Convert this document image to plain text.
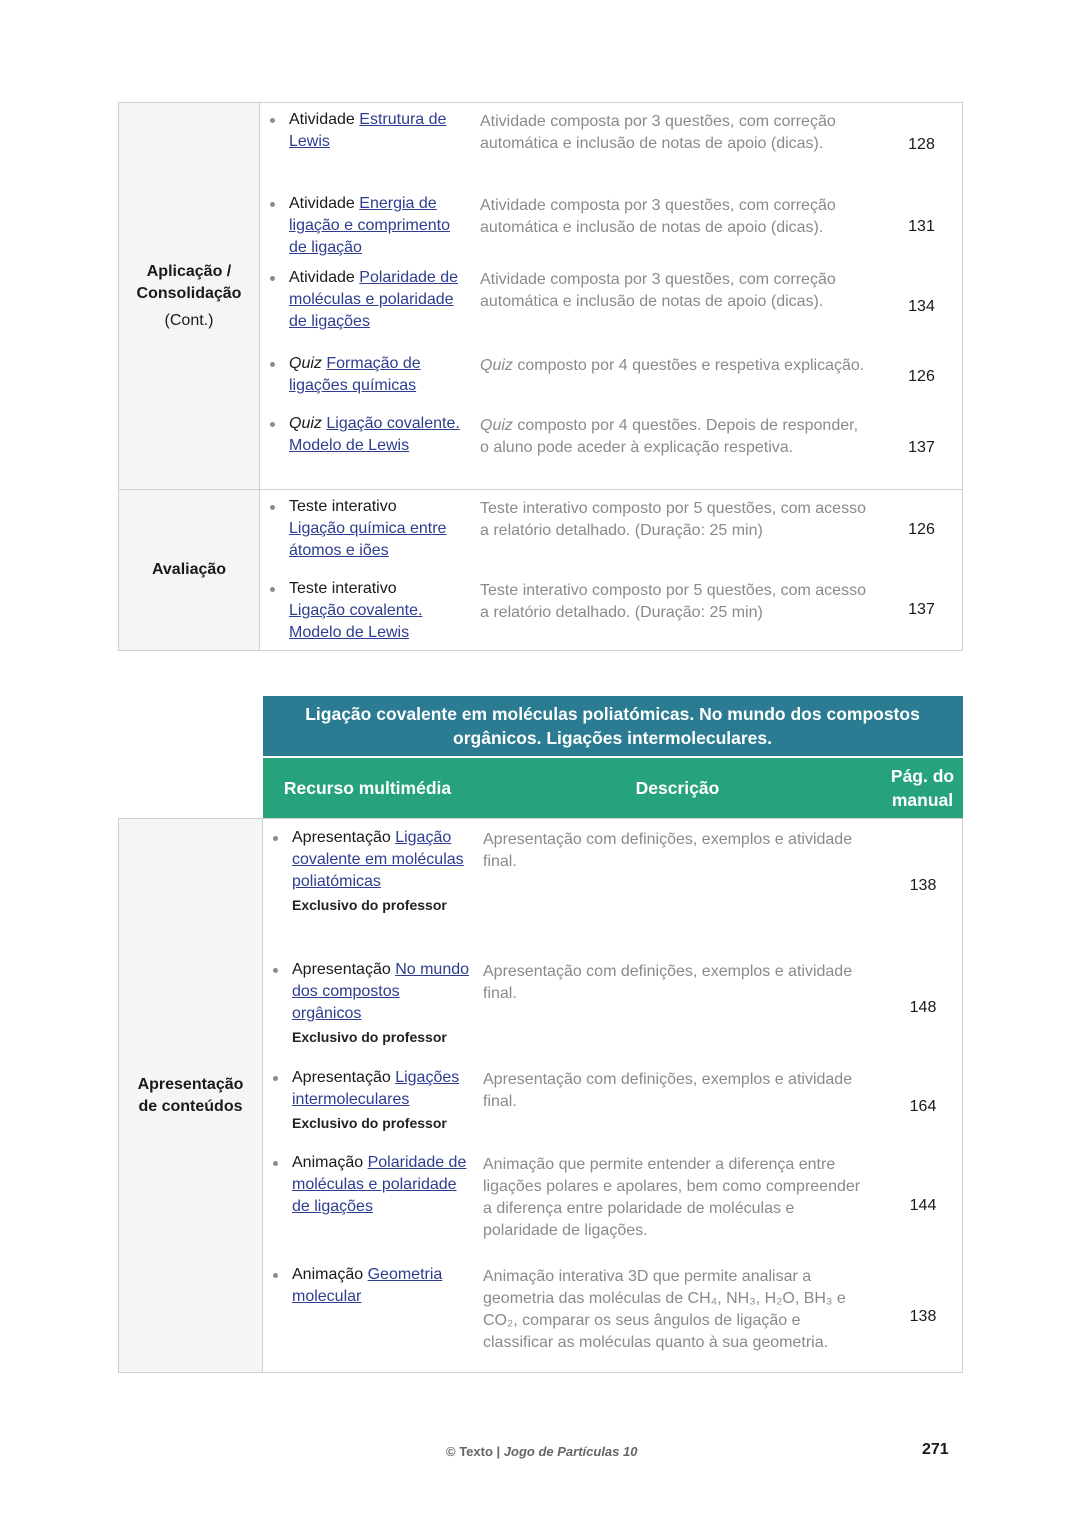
Aplicação /
Consolidação
(Cont.)

Atividade Estrutura de Lewis
	Atividade composta por 3 questões, com correção automática e inclusão de notas de apoio (dicas).	128

Atividade Energia de ligação e comprimento de ligação
	Atividade composta por 3 questões, com correção automática e inclusão de notas de apoio (dicas).	131

Atividade Polaridade de moléculas e polaridade de ligações
	Atividade composta por 3 questões, com correção automática e inclusão de notas de apoio (dicas).	134

Quiz Formação de ligações químicas
	Quiz composto por 4 questões e respetiva explicação.	126

Quiz Ligação covalente. Modelo de Lewis
	Quiz composto por 4 questões. Depois de responder, o aluno pode aceder à explicação respetiva.	137

Avaliação	
Teste interativo
Ligação química entre átomos e iões
	Teste interativo composto por 5 questões, com acesso a relatório detalhado. (Duração: 25 min)	126

Teste interativo
Ligação covalente. Modelo de Lewis
	Teste interativo composto por 5 questões, com acesso a relatório detalhado. (Duração: 25 min)	137
	Ligação covalente em moléculas poliatómicas. No mundo dos compostos orgânicos. Ligações intermoleculares.
	Recurso multimédia	Descrição	Pág. do manual
Apresentação
de conteúdos	
Apresentação Ligação covalente em moléculas poliatómicas
Exclusivo do professor
	Apresentação com definições, exemplos e atividade final.	138

Apresentação No mundo dos compostos orgânicos
Exclusivo do professor
	Apresentação com definições, exemplos e atividade final.	148

Apresentação Ligações intermoleculares
Exclusivo do professor
	Apresentação com definições, exemplos e atividade final.	164

Animação Polaridade de moléculas e polaridade de ligações
	Animação que permite entender a diferença entre ligações polares e apolares, bem como compreender a diferença entre polaridade de moléculas e polaridade de ligações.	144

Animação Geometria molecular
	Animação interativa 3D que permite analisar a geometria das moléculas de CH₄, NH₃, H₂O, BH₃ e CO₂, comparar os seus ângulos de ligação e classificar as moléculas quanto à sua geometria.	138
© Texto | Jogo de Partículas 10	271
